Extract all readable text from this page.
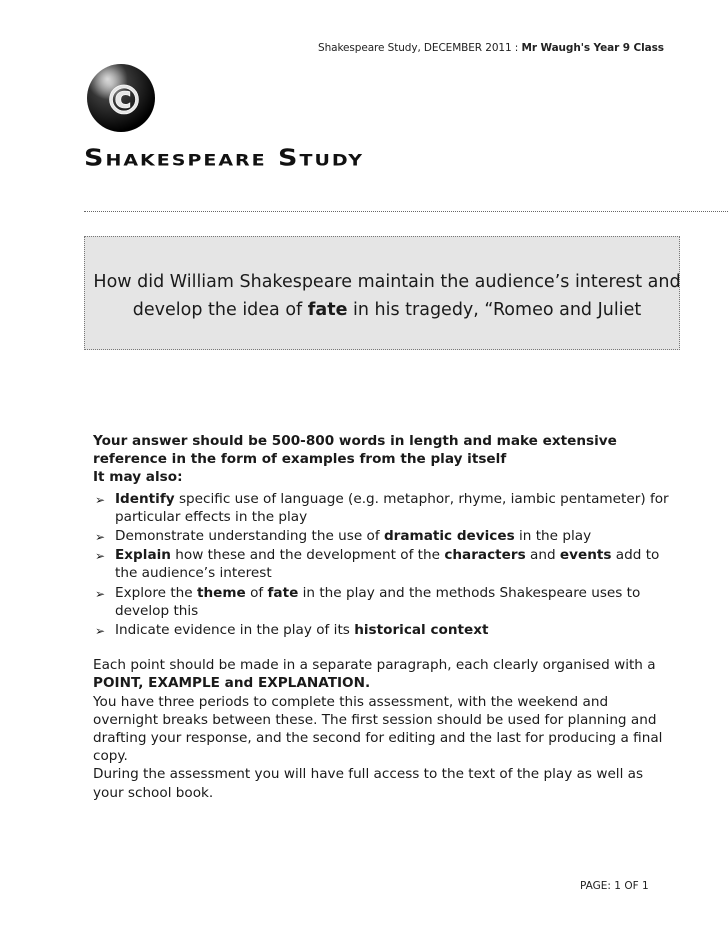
Shakespeare Study, DECEMBER 2011 : Mr Waugh's Year 9 Class
©
Shakespeare Study
How did William Shakespeare maintain the audience’s interest and develop the idea of fate in his tragedy, “Romeo and Juliet

Your answer should be 500-800 words in length and make extensive reference in the form of examples from the play itself

It may also:

➢ Identify specific use of language (e.g. metaphor, rhyme, iambic pentameter) for particular effects in the play
➢ Demonstrate understanding the use of dramatic devices in the play
➢ Explain how these and the development of the characters and events add to the audience’s interest
➢ Explore the theme of fate in the play and the methods Shakespeare uses to develop this
➢ Indicate evidence in the play of its historical context

Each point should be made in a separate paragraph, each clearly organised with a POINT, EXAMPLE and EXPLANATION.

You have three periods to complete this assessment, with the weekend and overnight breaks between these. The first session should be used for planning and drafting your response, and the second for editing and the last for producing a final copy.

During the assessment you will have full access to the text of the play as well as your school book.

PAGE: 1 OF 1
